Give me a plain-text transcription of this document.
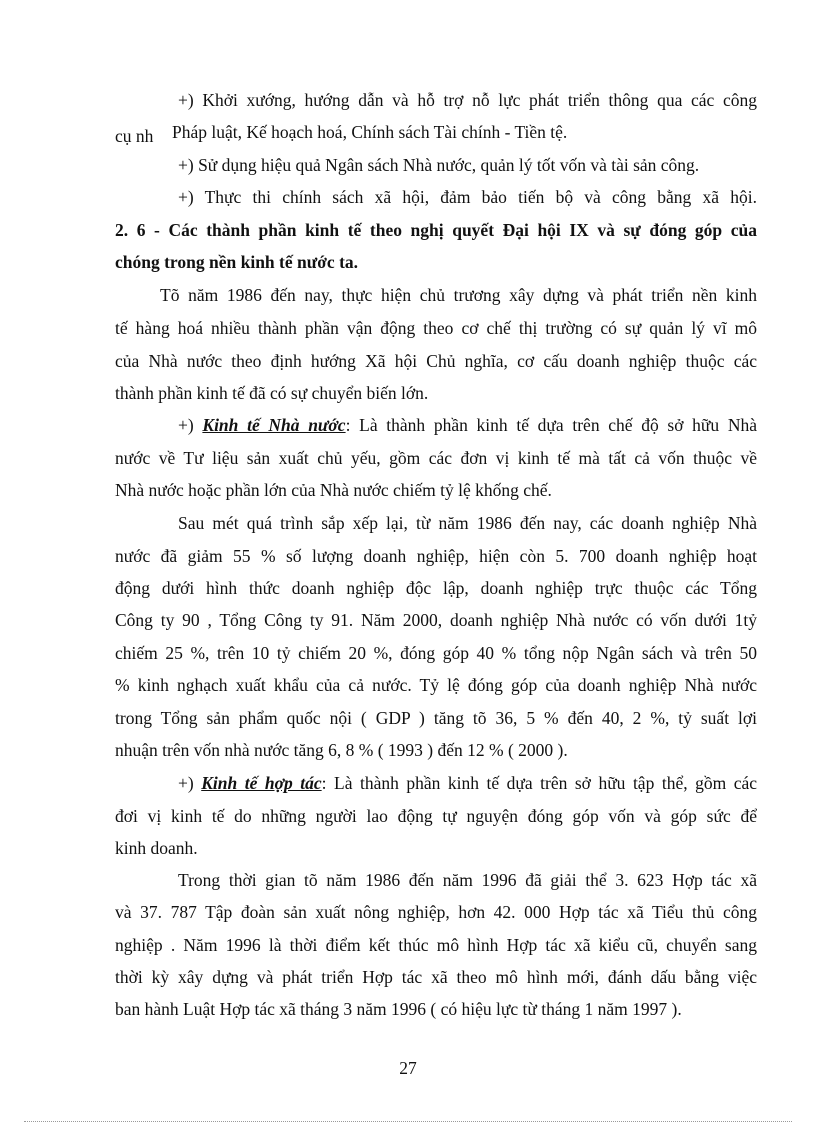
+) Khởi xướng, hướng dẫn và hỗ trợ nỗ lực phát triển thông qua các công
cụ nh Pháp luật, Kế hoạch hoá, Chính sách Tài chính - Tiền tệ.
+) Sử dụng hiệu quả Ngân sách Nhà nước, quản lý tốt vốn và tài sản công.
+) Thực thi chính sách xã hội, đảm bảo tiến bộ và công bằng xã hội.
2. 6 - Các thành phần kinh tế theo nghị quyết Đại hội IX và sự đóng góp của
chóng trong nền kinh tế nước ta.
Tõ năm 1986 đến nay, thực hiện chủ trương xây dựng và phát triển nền kinh
tế hàng hoá nhiều thành phần vận động theo cơ chế thị trường có sự quản lý vĩ mô
của Nhà nước theo định hướng Xã hội Chủ nghĩa, cơ cấu doanh nghiệp thuộc các
thành phần kinh tế đã có sự chuyển biến lớn.
+) Kinh tế Nhà nước: Là thành phần kinh tế dựa trên chế độ sở hữu Nhà
nước về Tư liệu sản xuất chủ yếu, gồm các đơn vị kinh tế mà tất cả vốn thuộc về
Nhà nước hoặc phần lớn của Nhà nước chiếm tỷ lệ khống chế.
Sau mét quá trình sắp xếp lại, từ năm 1986 đến nay, các doanh nghiệp Nhà
nước đã giảm 55 % số lượng doanh nghiệp, hiện còn 5. 700 doanh nghiệp hoạt
động dưới hình thức doanh nghiệp độc lập, doanh nghiệp trực thuộc các Tổng
Công ty 90 , Tổng Công ty 91. Năm 2000, doanh nghiệp Nhà nước có vốn dưới 1tỷ
chiếm 25 %, trên 10 tỷ chiếm 20 %, đóng góp 40 % tổng nộp Ngân sách và trên 50
% kinh nghạch xuất khẩu của cả nước. Tỷ lệ đóng góp của doanh nghiệp Nhà nước
trong Tổng sản phẩm quốc nội ( GDP ) tăng tõ 36, 5 % đến 40, 2 %, tỷ suất lợi
nhuận trên vốn nhà nước tăng 6, 8 % ( 1993 ) đến 12 % ( 2000 ).
+) Kinh tế hợp tác: Là thành phần kinh tế dựa trên sở hữu tập thể, gồm các
đơi vị kinh tế do những người lao động tự nguyện đóng góp vốn và góp sức để
kinh doanh.
Trong thời gian tõ năm 1986 đến năm 1996 đã giải thể 3. 623 Hợp tác xã
và 37. 787 Tập đoàn sản xuất nông nghiệp, hơn 42. 000 Hợp tác xã Tiểu thủ công
nghiệp . Năm 1996 là thời điểm kết thúc mô hình Hợp tác xã kiểu cũ, chuyển sang
thời kỳ xây dựng và phát triển Hợp tác xã theo mô hình mới, đánh dấu bằng việc
ban hành Luật Hợp tác xã tháng 3 năm 1996 ( có hiệu lực từ tháng 1 năm 1997 ).
27
